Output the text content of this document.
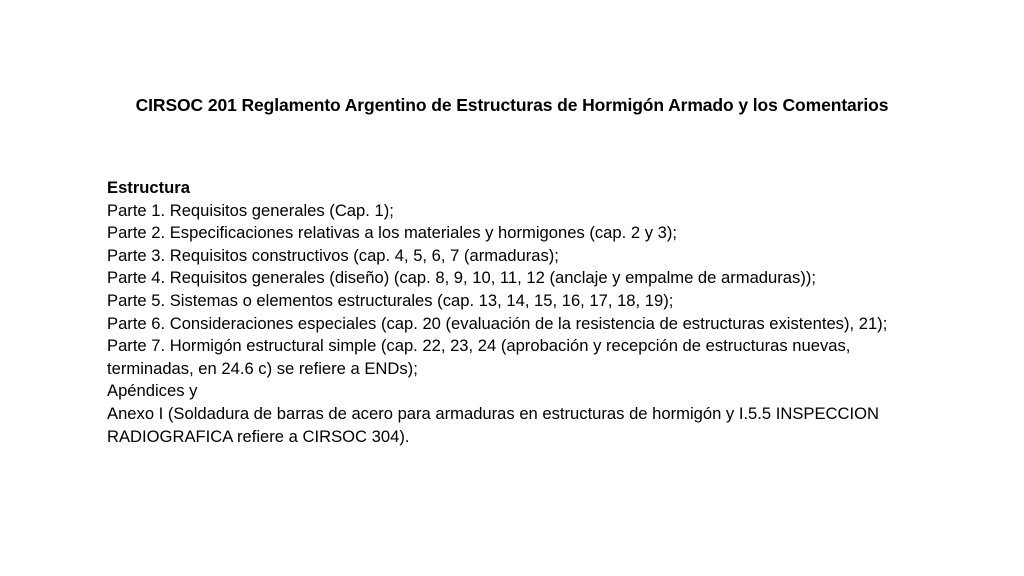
CIRSOC 201 Reglamento Argentino de Estructuras de Hormigón Armado y los Comentarios
Estructura
Parte 1. Requisitos generales (Cap. 1);
Parte 2. Especificaciones relativas a los materiales y hormigones (cap. 2 y 3);
Parte 3. Requisitos constructivos (cap. 4, 5, 6, 7 (armaduras);
Parte 4. Requisitos generales (diseño) (cap. 8, 9, 10, 11, 12 (anclaje y empalme de armaduras));
Parte 5. Sistemas o elementos estructurales (cap. 13, 14, 15, 16, 17, 18, 19);
Parte 6. Consideraciones especiales (cap. 20 (evaluación de la resistencia de estructuras existentes), 21);
Parte 7. Hormigón estructural simple (cap. 22, 23, 24 (aprobación y recepción de estructuras nuevas,
terminadas, en 24.6 c) se refiere a ENDs);
Apéndices y
Anexo I (Soldadura de barras de acero para armaduras en estructuras de hormigón y I.5.5 INSPECCION
RADIOGRAFICA refiere a CIRSOC 304).
